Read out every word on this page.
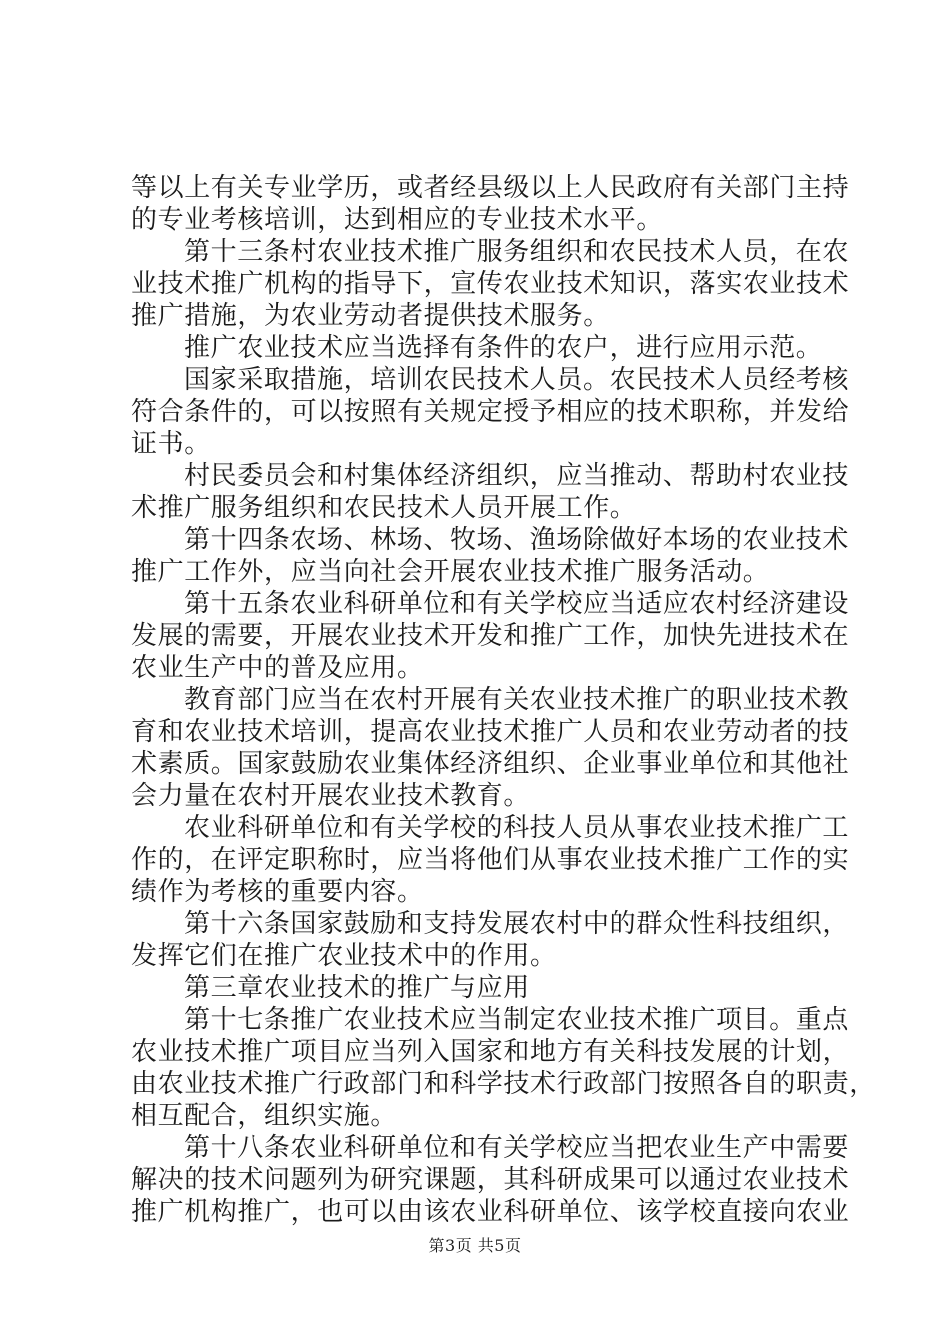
等以上有关专业学历，或者经县级以上人民政府有关部门主持
的专业考核培训，达到相应的专业技术水平。
第十三条村农业技术推广服务组织和农民技术人员，在农
业技术推广机构的指导下，宣传农业技术知识，落实农业技术
推广措施，为农业劳动者提供技术服务。
推广农业技术应当选择有条件的农户，进行应用示范。
国家采取措施，培训农民技术人员。农民技术人员经考核
符合条件的，可以按照有关规定授予相应的技术职称，并发给
证书。
村民委员会和村集体经济组织，应当推动、帮助村农业技
术推广服务组织和农民技术人员开展工作。
第十四条农场、林场、牧场、渔场除做好本场的农业技术
推广工作外，应当向社会开展农业技术推广服务活动。
第十五条农业科研单位和有关学校应当适应农村经济建设
发展的需要，开展农业技术开发和推广工作，加快先进技术在
农业生产中的普及应用。
教育部门应当在农村开展有关农业技术推广的职业技术教
育和农业技术培训，提高农业技术推广人员和农业劳动者的技
术素质。国家鼓励农业集体经济组织、企业事业单位和其他社
会力量在农村开展农业技术教育。
农业科研单位和有关学校的科技人员从事农业技术推广工
作的，在评定职称时，应当将他们从事农业技术推广工作的实
绩作为考核的重要内容。
第十六条国家鼓励和支持发展农村中的群众性科技组织，
发挥它们在推广农业技术中的作用。
第三章农业技术的推广与应用
第十七条推广农业技术应当制定农业技术推广项目。重点
农业技术推广项目应当列入国家和地方有关科技发展的计划，
由农业技术推广行政部门和科学技术行政部门按照各自的职责，
相互配合，组织实施。
第十八条农业科研单位和有关学校应当把农业生产中需要
解决的技术问题列为研究课题，其科研成果可以通过农业技术
推广机构推广，也可以由该农业科研单位、该学校直接向农业
第3页 共5页
